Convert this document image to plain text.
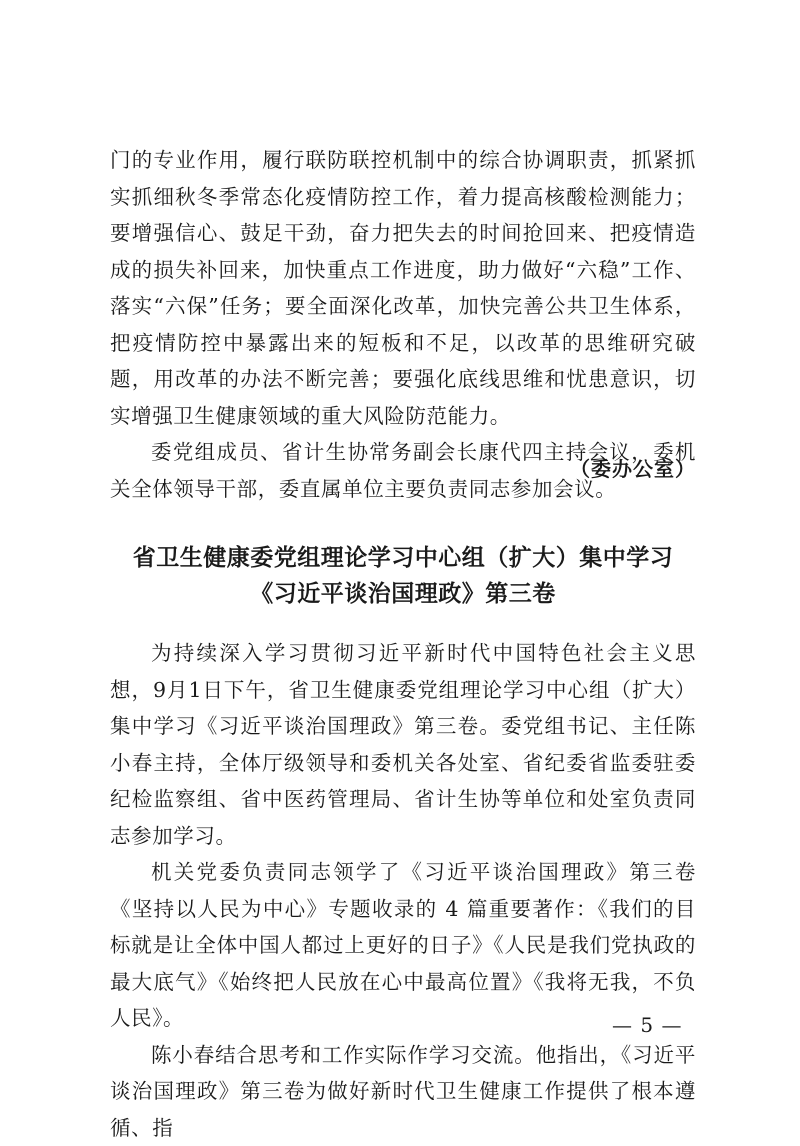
门的专业作用，履行联防联控机制中的综合协调职责，抓紧抓实抓细秋冬季常态化疫情防控工作，着力提高核酸检测能力；要增强信心、鼓足干劲，奋力把失去的时间抢回来、把疫情造成的损失补回来，加快重点工作进度，助力做好“六稳”工作、落实“六保”任务；要全面深化改革，加快完善公共卫生体系，把疫情防控中暴露出来的短板和不足，以改革的思维研究破题，用改革的办法不断完善；要强化底线思维和忧患意识，切实增强卫生健康领域的重大风险防范能力。

委党组成员、省计生协常务副会长康代四主持会议，委机关全体领导干部，委直属单位主要负责同志参加会议。

（委办公室）
省卫生健康委党组理论学习中心组（扩大）集中学习
《习近平谈治国理政》第三卷

为持续深入学习贯彻习近平新时代中国特色社会主义思想，9月1日下午，省卫生健康委党组理论学习中心组（扩大）集中学习《习近平谈治国理政》第三卷。委党组书记、主任陈小春主持，全体厅级领导和委机关各处室、省纪委省监委驻委纪检监察组、省中医药管理局、省计生协等单位和处室负责同志参加学习。

机关党委负责同志领学了《习近平谈治国理政》第三卷《坚持以人民为中心》专题收录的 4 篇重要著作：《我们的目标就是让全体中国人都过上更好的日子》《人民是我们党执政的最大底气》《始终把人民放在心中最高位置》《我将无我，不负人民》。

陈小春结合思考和工作实际作学习交流。他指出，《习近平谈治国理政》第三卷为做好新时代卫生健康工作提供了根本遵循、指

— 5 —
